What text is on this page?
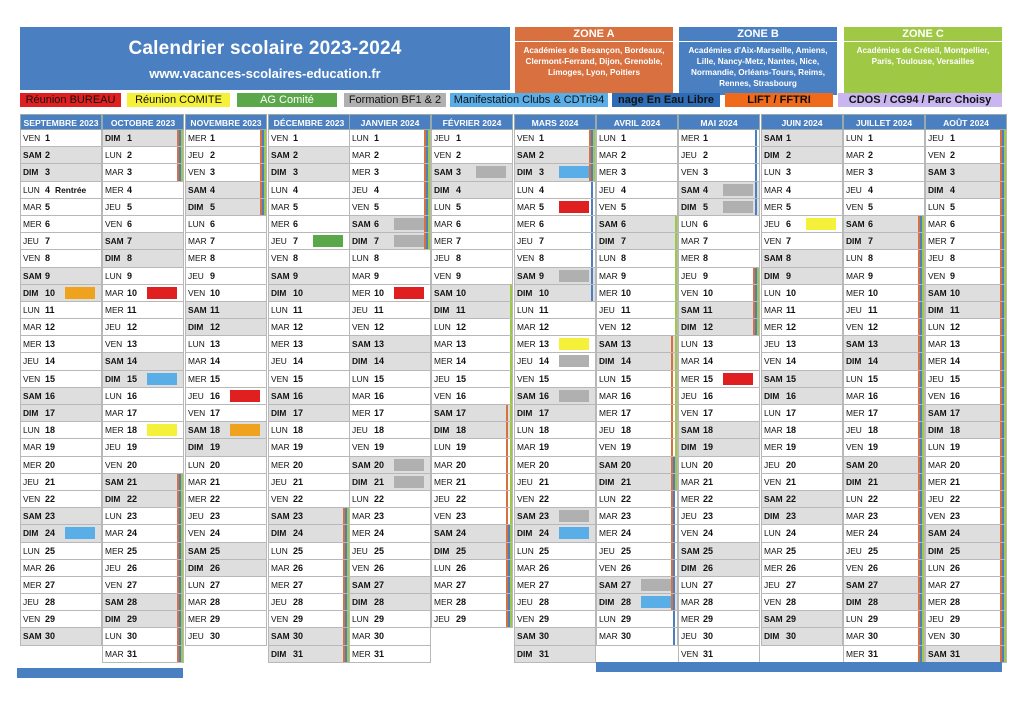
Calendrier scolaire 2023-2024
www.vacances-scolaires-education.fr
ZONE A
Académies de Besançon, Bordeaux, Clermont-Ferrand, Dijon, Grenoble, Limoges, Lyon, Poitiers
ZONE B
Académies d'Aix-Marseille, Amiens, Lille, Nancy-Metz, Nantes, Nice, Normandie, Orléans-Tours, Reims, Rennes, Strasbourg
ZONE C
Académies de Créteil, Montpellier, Paris, Toulouse, Versailles
Réunion BUREAU	Réunion COMITE	AG Comité	Formation BF1 & 2	Manifestation Clubs & CDTri94	nage En Eau Libre	LIFT / FFTRI	CDOS / CG94 / Parc Choisy
SEPTEMBRE 2023
VEN 1
SAM 2
DIM 3
LUN 4 Rentrée
MAR 5
MER 6
JEU 7
VEN 8
SAM 9
DIM 10
LUN 11
MAR 12
MER 13
JEU 14
VEN 15
SAM 16
DIM 17
LUN 18
MAR 19
MER 20
JEU 21
VEN 22
SAM 23
DIM 24
LUN 25
MAR 26
MER 27
JEU 28
VEN 29
SAM 30
OCTOBRE 2023
DIM 1
LUN 2
MAR 3
MER 4
JEU 5
VEN 6
SAM 7
DIM 8
LUN 9
MAR 10
MER 11
JEU 12
VEN 13
SAM 14
DIM 15
LUN 16
MAR 17
MER 18
JEU 19
VEN 20
SAM 21
DIM 22
LUN 23
MAR 24
MER 25
JEU 26
VEN 27
SAM 28
DIM 29
LUN 30
MAR 31
NOVEMBRE 2023
MER 1
JEU 2
VEN 3
SAM 4
DIM 5
LUN 6
MAR 7
MER 8
JEU 9
VEN 10
SAM 11
DIM 12
LUN 13
MAR 14
MER 15
JEU 16
VEN 17
SAM 18
DIM 19
LUN 20
MAR 21
MER 22
JEU 23
VEN 24
SAM 25
DIM 26
LUN 27
MAR 28
MER 29
JEU 30
DÉCEMBRE 2023
VEN 1
SAM 2
DIM 3
LUN 4
MAR 5
MER 6
JEU 7
VEN 8
SAM 9
DIM 10
LUN 11
MAR 12
MER 13
JEU 14
VEN 15
SAM 16
DIM 17
LUN 18
MAR 19
MER 20
JEU 21
VEN 22
SAM 23
DIM 24
LUN 25
MAR 26
MER 27
JEU 28
VEN 29
SAM 30
DIM 31
JANVIER 2024
LUN 1
MAR 2
MER 3
JEU 4
VEN 5
SAM 6
DIM 7
LUN 8
MAR 9
MER 10
JEU 11
VEN 12
SAM 13
DIM 14
LUN 15
MAR 16
MER 17
JEU 18
VEN 19
SAM 20
DIM 21
LUN 22
MAR 23
MER 24
JEU 25
VEN 26
SAM 27
DIM 28
LUN 29
MAR 30
MER 31
FÉVRIER 2024
JEU 1
VEN 2
SAM 3
DIM 4
LUN 5
MAR 6
MER 7
JEU 8
VEN 9
SAM 10
DIM 11
LUN 12
MAR 13
MER 14
JEU 15
VEN 16
SAM 17
DIM 18
LUN 19
MAR 20
MER 21
JEU 22
VEN 23
SAM 24
DIM 25
LUN 26
MAR 27
MER 28
JEU 29
MARS 2024
VEN 1
SAM 2
DIM 3
LUN 4
MAR 5
MER 6
JEU 7
VEN 8
SAM 9
DIM 10
LUN 11
MAR 12
MER 13
JEU 14
VEN 15
SAM 16
DIM 17
LUN 18
MAR 19
MER 20
JEU 21
VEN 22
SAM 23
DIM 24
LUN 25
MAR 26
MER 27
JEU 28
VEN 29
SAM 30
DIM 31
AVRIL 2024
LUN 1
MAR 2
MER 3
JEU 4
VEN 5
SAM 6
DIM 7
LUN 8
MAR 9
MER 10
JEU 11
VEN 12
SAM 13
DIM 14
LUN 15
MAR 16
MER 17
JEU 18
VEN 19
SAM 20
DIM 21
LUN 22
MAR 23
MER 24
JEU 25
VEN 26
SAM 27
DIM 28
LUN 29
MAR 30
MAI 2024
MER 1
JEU 2
VEN 3
SAM 4
DIM 5
LUN 6
MAR 7
MER 8
JEU 9
VEN 10
SAM 11
DIM 12
LUN 13
MAR 14
MER 15
JEU 16
VEN 17
SAM 18
DIM 19
LUN 20
MAR 21
MER 22
JEU 23
VEN 24
SAM 25
DIM 26
LUN 27
MAR 28
MER 29
JEU 30
VEN 31
JUIN 2024
SAM 1
DIM 2
LUN 3
MAR 4
MER 5
JEU 6
VEN 7
SAM 8
DIM 9
LUN 10
MAR 11
MER 12
JEU 13
VEN 14
SAM 15
DIM 16
LUN 17
MAR 18
MER 19
JEU 20
VEN 21
SAM 22
DIM 23
LUN 24
MAR 25
MER 26
JEU 27
VEN 28
SAM 29
DIM 30
JUILLET 2024
LUN 1
MAR 2
MER 3
JEU 4
VEN 5
SAM 6
DIM 7
LUN 8
MAR 9
MER 10
JEU 11
VEN 12
SAM 13
DIM 14
LUN 15
MAR 16
MER 17
JEU 18
VEN 19
SAM 20
DIM 21
LUN 22
MAR 23
MER 24
JEU 25
VEN 26
SAM 27
DIM 28
LUN 29
MAR 30
MER 31
AOÛT 2024
JEU 1
VEN 2
SAM 3
DIM 4
LUN 5
MAR 6
MER 7
JEU 8
VEN 9
SAM 10
DIM 11
LUN 12
MAR 13
MER 14
JEU 15
VEN 16
SAM 17
DIM 18
LUN 19
MAR 20
MER 21
JEU 22
VEN 23
SAM 24
DIM 25
LUN 26
MAR 27
MER 28
JEU 29
VEN 30
SAM 31
